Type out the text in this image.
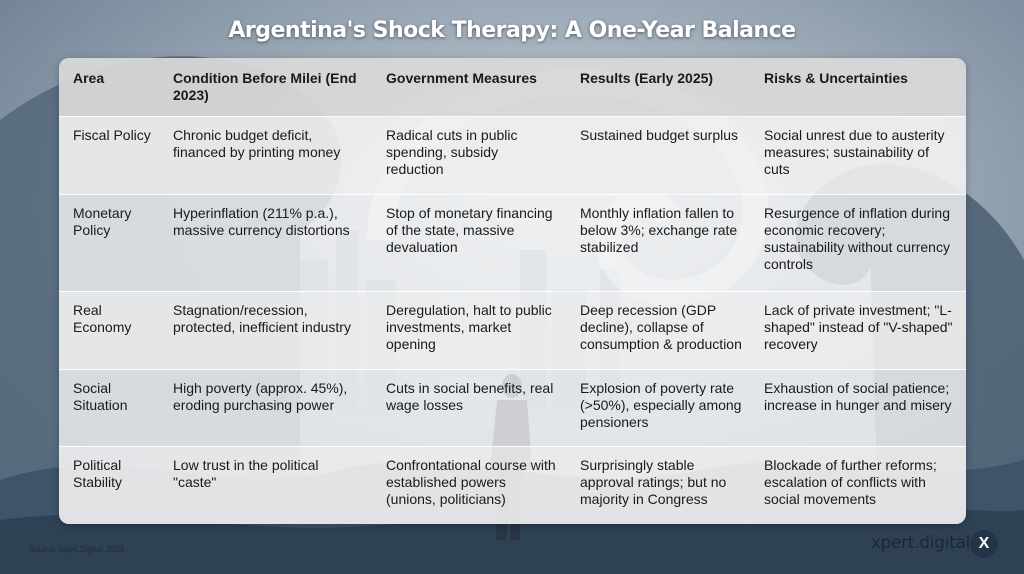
Argentina's Shock Therapy: A One-Year Balance
Area	Condition Before Milei (End 2023)	Government Measures	Results (Early 2025)	Risks & Uncertainties
Fiscal Policy	Chronic budget deficit, financed by printing money	Radical cuts in public spending, subsidy reduction	Sustained budget surplus	Social unrest due to austerity measures; sustainability of cuts
Monetary Policy	Hyperinflation (211% p.a.), massive currency distortions	Stop of monetary financing of the state, massive devaluation	Monthly inflation fallen to below 3%; exchange rate stabilized	Resurgence of inflation during economic recovery; sustainability without currency controls
Real Economy	Stagnation/recession, protected, inefficient industry	Deregulation, halt to public investments, market opening	Deep recession (GDP decline), collapse of consumption & production	Lack of private investment; "L-shaped" instead of "V-shaped" recovery
Social Situation	High poverty (approx. 45%), eroding purchasing power	Cuts in social benefits, real wage losses	Explosion of poverty rate (>50%), especially among pensioners	Exhaustion of social patience; increase in hunger and misery
Political Stability	Low trust in the political "caste"	Confrontational course with established powers (unions, politicians)	Surprisingly stable approval ratings; but no majority in Congress	Blockade of further reforms; escalation of conflicts with social movements
Source: Xpert.Digital, 2025	xpert.digital X
